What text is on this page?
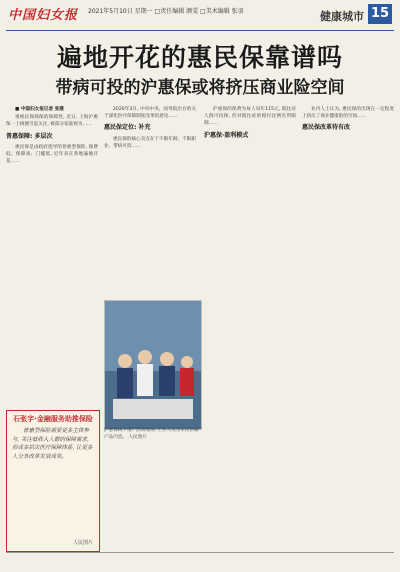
中国妇女报 2021年5月10日 星期一 □责任编辑 颜雯 □美术编辑 张羽	健康城市 15
遍地开花的惠民保靠谱吗
带病可投的沪惠保或将挤压商业险空间

■ 中国妇女报记者 张建

重视民保商保的保障性, 近日, 上海沪惠保一上线便引起关注, 被部分家庭视为……

普惠保障: 多层次

惠民保是由政府指导的普惠型保险, 保费低、保障高、门槛低, 近年来在各地遍地开花……

2020年3月, 中央中央、国务院出台的关于深化医疗保障制度改革的意见……

惠民保定位: 补充

惠民保的核心卖点在于不限年龄、不限职业、带病可投……

沪惠保的保费为每人每年115元, 既往症人群可投保, 但对既往症的赔付比例有所限制……

沪惠保·盈利模式

业内人士认为, 惠民保的出现在一定程度上挤压了商业健康险的空间……

惠民保改革待有改
沪惠保线下推广活动现场, 工作人员为市民讲解产品内容。 人民图片
石张字·金融服务助推保险
普惠型保险需要更多主体参与, 关注低收入人群的保障需求, 形成多层次医疗保障体系, 让更多人分享改革发展成果。
人民图片
